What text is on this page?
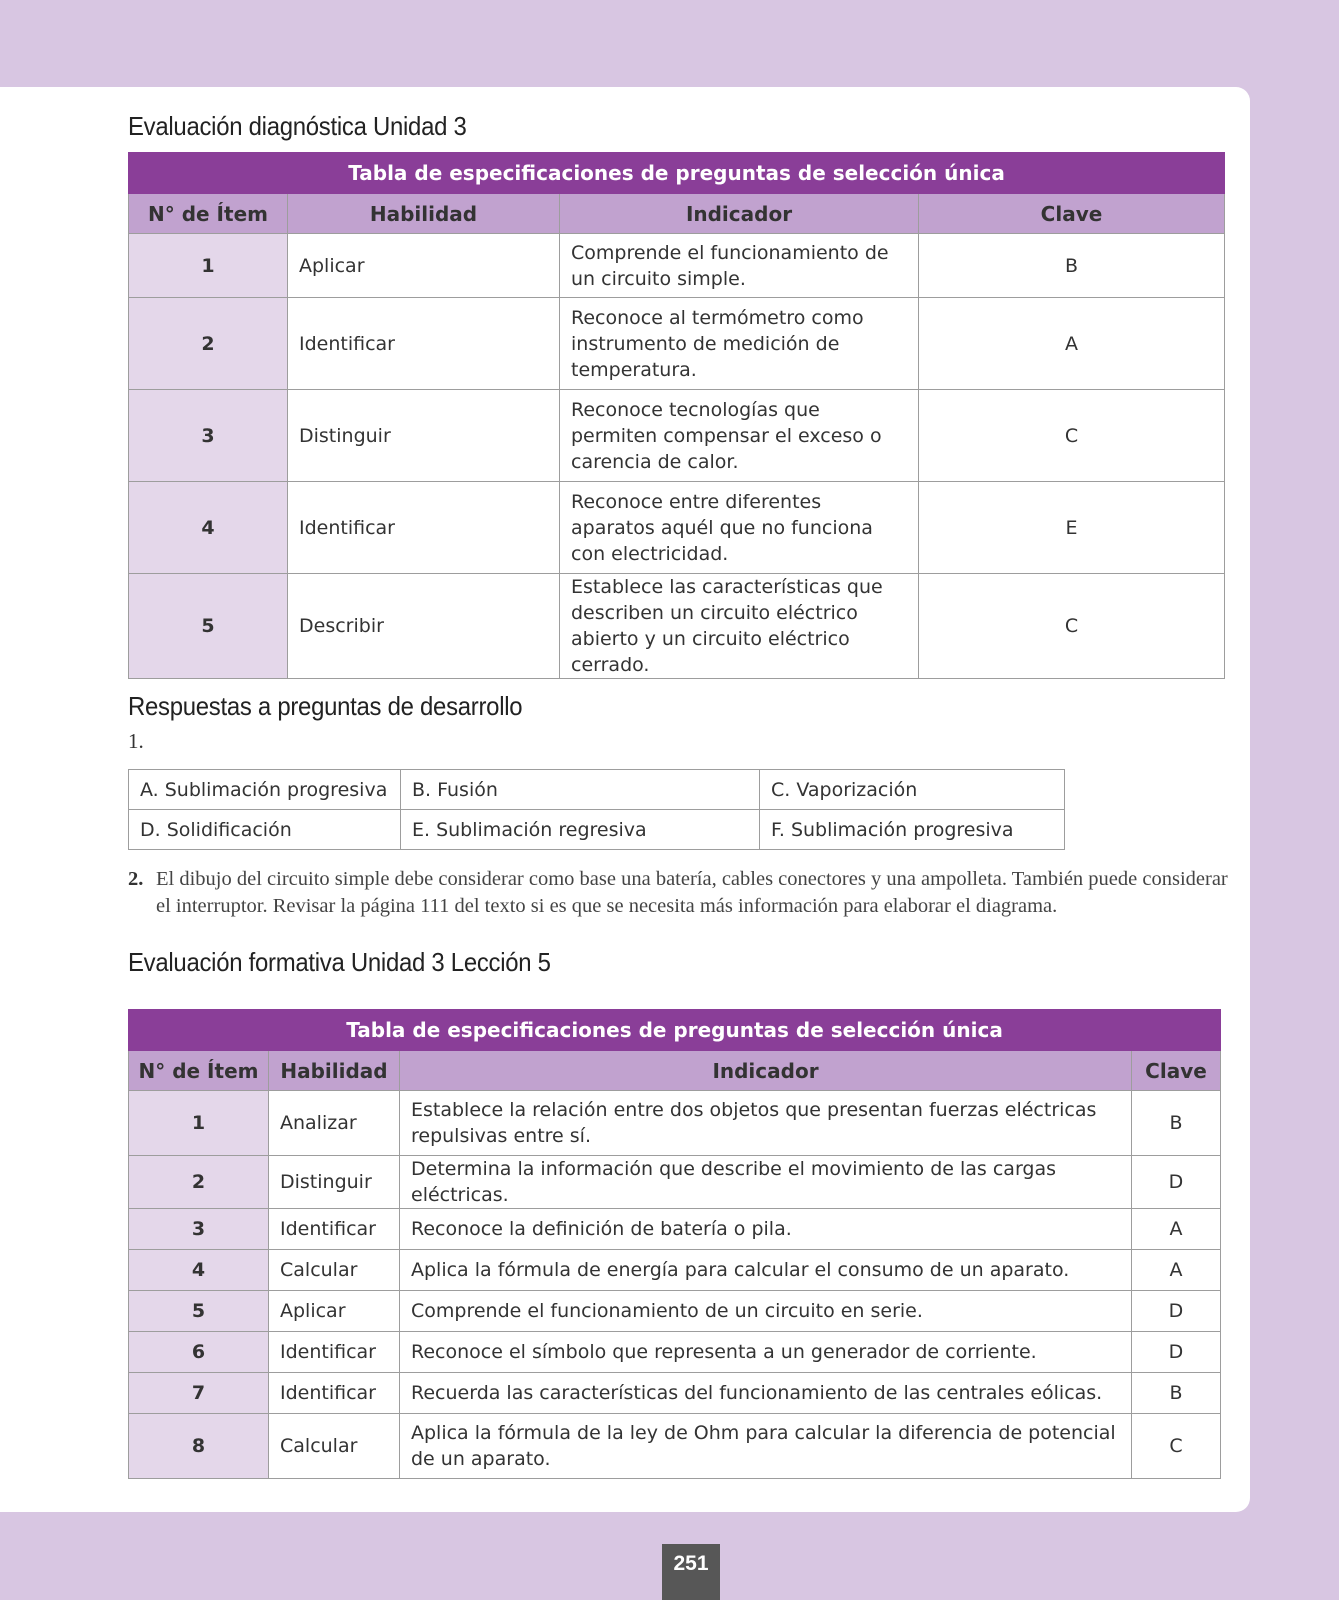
Evaluación diagnóstica Unidad 3
Tabla de especificaciones de preguntas de selección única			
N° de Ítem	Habilidad	Indicador	Clave
1	Aplicar	Comprende el funcionamiento de un circuito simple.	B
2	Identificar	Reconoce al termómetro como instrumento de medición de temperatura.	A
3	Distinguir	Reconoce tecnologías que permiten compensar el exceso o carencia de calor.	C
4	Identificar	Reconoce entre diferentes aparatos aquél que no funciona con electricidad.	E
5	Describir	Establece las características que describen un circuito eléctrico abierto y un circuito eléctrico cerrado.	C
Respuestas a preguntas de desarrollo
1.
A. Sublimación progresiva	B. Fusión	C. Vaporización
D. Solidificación	E. Sublimación regresiva	F. Sublimación progresiva
2. El dibujo del circuito simple debe considerar como base una batería, cables conectores y una ampolleta. También puede considerar el interruptor. Revisar la página 111 del texto si es que se necesita más información para elaborar el diagrama.
Evaluación formativa Unidad 3 Lección 5
Tabla de especificaciones de preguntas de selección única			
N° de Ítem	Habilidad	Indicador	Clave
1	Analizar	Establece la relación entre dos objetos que presentan fuerzas eléctricas repulsivas entre sí.	B
2	Distinguir	Determina la información que describe el movimiento de las cargas eléctricas.	D
3	Identificar	Reconoce la definición de batería o pila.	A
4	Calcular	Aplica la fórmula de energía para calcular el consumo de un aparato.	A
5	Aplicar	Comprende el funcionamiento de un circuito en serie.	D
6	Identificar	Reconoce el símbolo que representa a un generador de corriente.	D
7	Identificar	Recuerda las características del funcionamiento de las centrales eólicas.	B
8	Calcular	Aplica la fórmula de la ley de Ohm para calcular la diferencia de potencial de un aparato.	C
251
